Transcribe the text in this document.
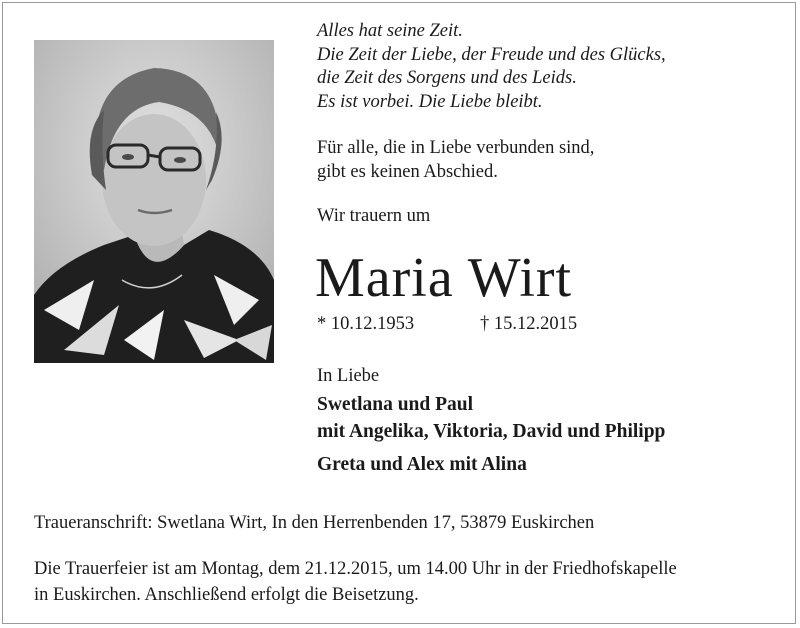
Alles hat seine Zeit.
Die Zeit der Liebe, der Freude und des Glücks,
die Zeit des Sorgens und des Leids.
Es ist vorbei. Die Liebe bleibt.
Für alle, die in Liebe verbunden sind,
gibt es keinen Abschied.
Wir trauern um
Maria Wirt
* 10.12.1953	† 15.12.2015
In Liebe
Swetlana und Paul
mit Angelika, Viktoria, David und Philipp
Greta und Alex mit Alina
Traueranschrift: Swetlana Wirt, In den Herrenbenden 17, 53879 Euskirchen
Die Trauerfeier ist am Montag, dem 21.12.2015, um 14.00 Uhr in der Friedhofskapelle
in Euskirchen. Anschließend erfolgt die Beisetzung.
